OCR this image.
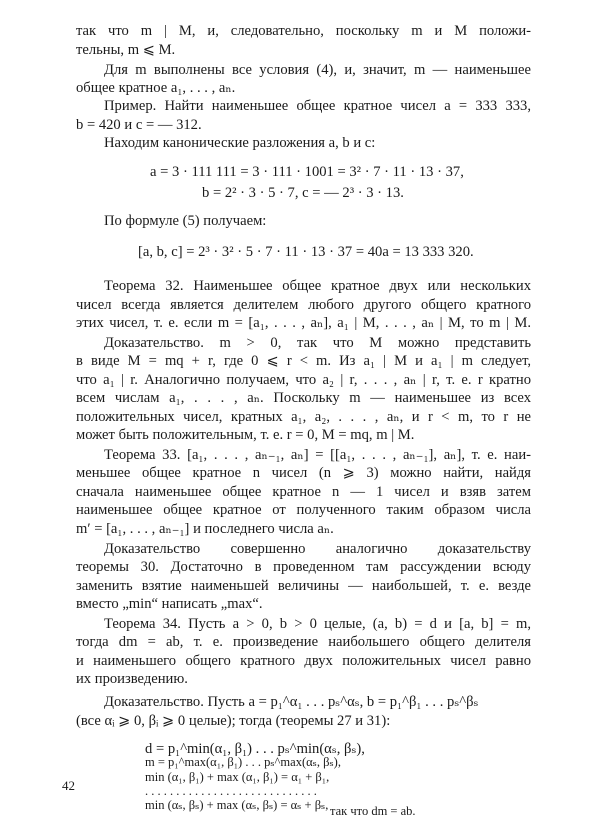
так что m | M, и, следовательно, поскольку m и M положи-
тельны, m ⩽ M.
Для m выполнены все условия (4), и, значит, m — наименьшее
общее кратное a₁, . . . , aₙ.
Пример. Найти наименьшее общее кратное чисел a = 333 333,
b = 420 и c = — 312.
Находим канонические разложения a, b и c:
a = 3 · 111 111 = 3 · 111 · 1001 = 3² · 7 · 11 · 13 · 37,
b = 2² · 3 · 5 · 7, c = — 2³ · 3 · 13.
По формуле (5) получаем:
[a, b, c] = 2³ · 3² · 5 · 7 · 11 · 13 · 37 = 40a = 13 333 320.
Теорема 32. Наименьшее общее кратное двух или нескольких
чисел всегда является делителем любого другого общего кратного
этих чисел, т. е. если m = [a₁, . . . , aₙ], a₁ | M, . . . , aₙ | M, то m | M.
Доказательство. m > 0, так что M можно представить
в виде M = mq + r, где 0 ⩽ r < m. Из a₁ | M и a₁ | m следует,
что a₁ | r. Аналогично получаем, что a₂ | r, . . . , aₙ | r, т. е. r кратно
всем числам a₁, . . . , aₙ. Поскольку m — наименьшее из всех
положительных чисел, кратных a₁, a₂, . . . , aₙ, и r < m, то r не
может быть положительным, т. е. r = 0, M = mq, m | M.
Теорема 33. [a₁, . . . , aₙ₋₁, aₙ] = [[a₁, . . . , aₙ₋₁], aₙ], т. е. наи-
меньшее общее кратное n чисел (n ⩾ 3) можно найти, найдя
сначала наименьшее общее кратное n — 1 чисел и взяв затем
наименьшее общее кратное от полученного таким образом числа
m′ = [a₁, . . . , aₙ₋₁] и последнего числа aₙ.
Доказательство совершенно аналогично доказательству
теоремы 30. Достаточно в проведенном там рассуждении всюду
заменить взятие наименьшей величины — наибольшей, т. е. везде
вместо „min“ написать „max“.
Теорема 34. Пусть a > 0, b > 0 целые, (a, b) = d и [a, b] = m,
тогда dm = ab, т. е. произведение наибольшего общего делителя
и наименьшего общего кратного двух положительных чисел равно
их произведению.
Доказательство. Пусть a = p₁^α₁ . . . pₛ^αₛ, b = p₁^β₁ . . . pₛ^βₛ
(все αᵢ ⩾ 0, βᵢ ⩾ 0 целые); тогда (теоремы 27 и 31):
d = p₁^min(α₁, β₁) . . . pₛ^min(αₛ, βₛ),
m = p₁^max(α₁, β₁) . . . pₛ^max(αₛ, βₛ),
min (α₁, β₁) + max (α₁, β₁) = α₁ + β₁,
. . . . . . . . . . . . . . . . . . . . . . . . . . . .
min (αₛ, βₛ) + max (αₛ, βₛ) = αₛ + βₛ, так что dm = ab.
42
